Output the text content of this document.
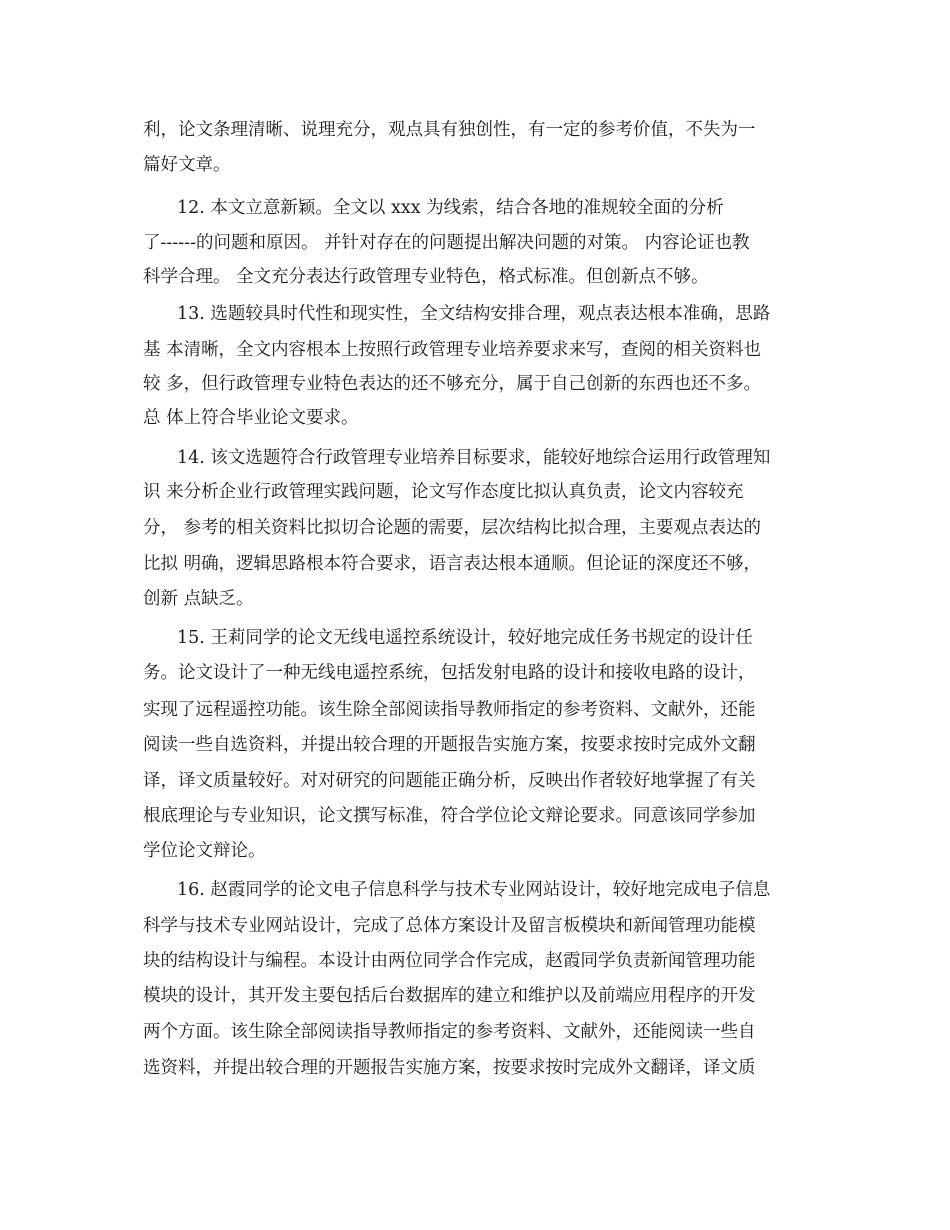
利，论文条理清晰、说理充分，观点具有独创性，有一定的参考价值，不失为一
篇好文章。
12. 本文立意新颖。全文以 xxx 为线索，结合各地的准规较全面的分析
了------的问题和原因。 并针对存在的问题提出解决问题的对策。 内容论证也教
科学合理。 全文充分表达行政管理专业特色，格式标准。但创新点不够。
13. 选题较具时代性和现实性，全文结构安排合理，观点表达根本准确，思路
基 本清晰，全文内容根本上按照行政管理专业培养要求来写，查阅的相关资料也
较 多，但行政管理专业特色表达的还不够充分，属于自己创新的东西也还不多。
总 体上符合毕业论文要求。
14. 该文选题符合行政管理专业培养目标要求，能较好地综合运用行政管理知
识 来分析企业行政管理实践问题，论文写作态度比拟认真负责，论文内容较充
分， 参考的相关资料比拟切合论题的需要，层次结构比拟合理，主要观点表达的
比拟 明确，逻辑思路根本符合要求，语言表达根本通顺。但论证的深度还不够，
创新 点缺乏。
15. 王莉同学的论文无线电遥控系统设计，较好地完成任务书规定的设计任
务。论文设计了一种无线电遥控系统，包括发射电路的设计和接收电路的设计，
实现了远程遥控功能。该生除全部阅读指导教师指定的参考资料、文献外，还能
阅读一些自选资料，并提出较合理的开题报告实施方案，按要求按时完成外文翻
译，译文质量较好。对对研究的问题能正确分析，反映出作者较好地掌握了有关
根底理论与专业知识，论文撰写标准，符合学位论文辩论要求。同意该同学参加
学位论文辩论。
16. 赵霞同学的论文电子信息科学与技术专业网站设计，较好地完成电子信息
科学与技术专业网站设计，完成了总体方案设计及留言板模块和新闻管理功能模
块的结构设计与编程。本设计由两位同学合作完成，赵霞同学负责新闻管理功能
模块的设计，其开发主要包括后台数据库的建立和维护以及前端应用程序的开发
两个方面。该生除全部阅读指导教师指定的参考资料、文献外，还能阅读一些自
选资料，并提出较合理的开题报告实施方案，按要求按时完成外文翻译，译文质
